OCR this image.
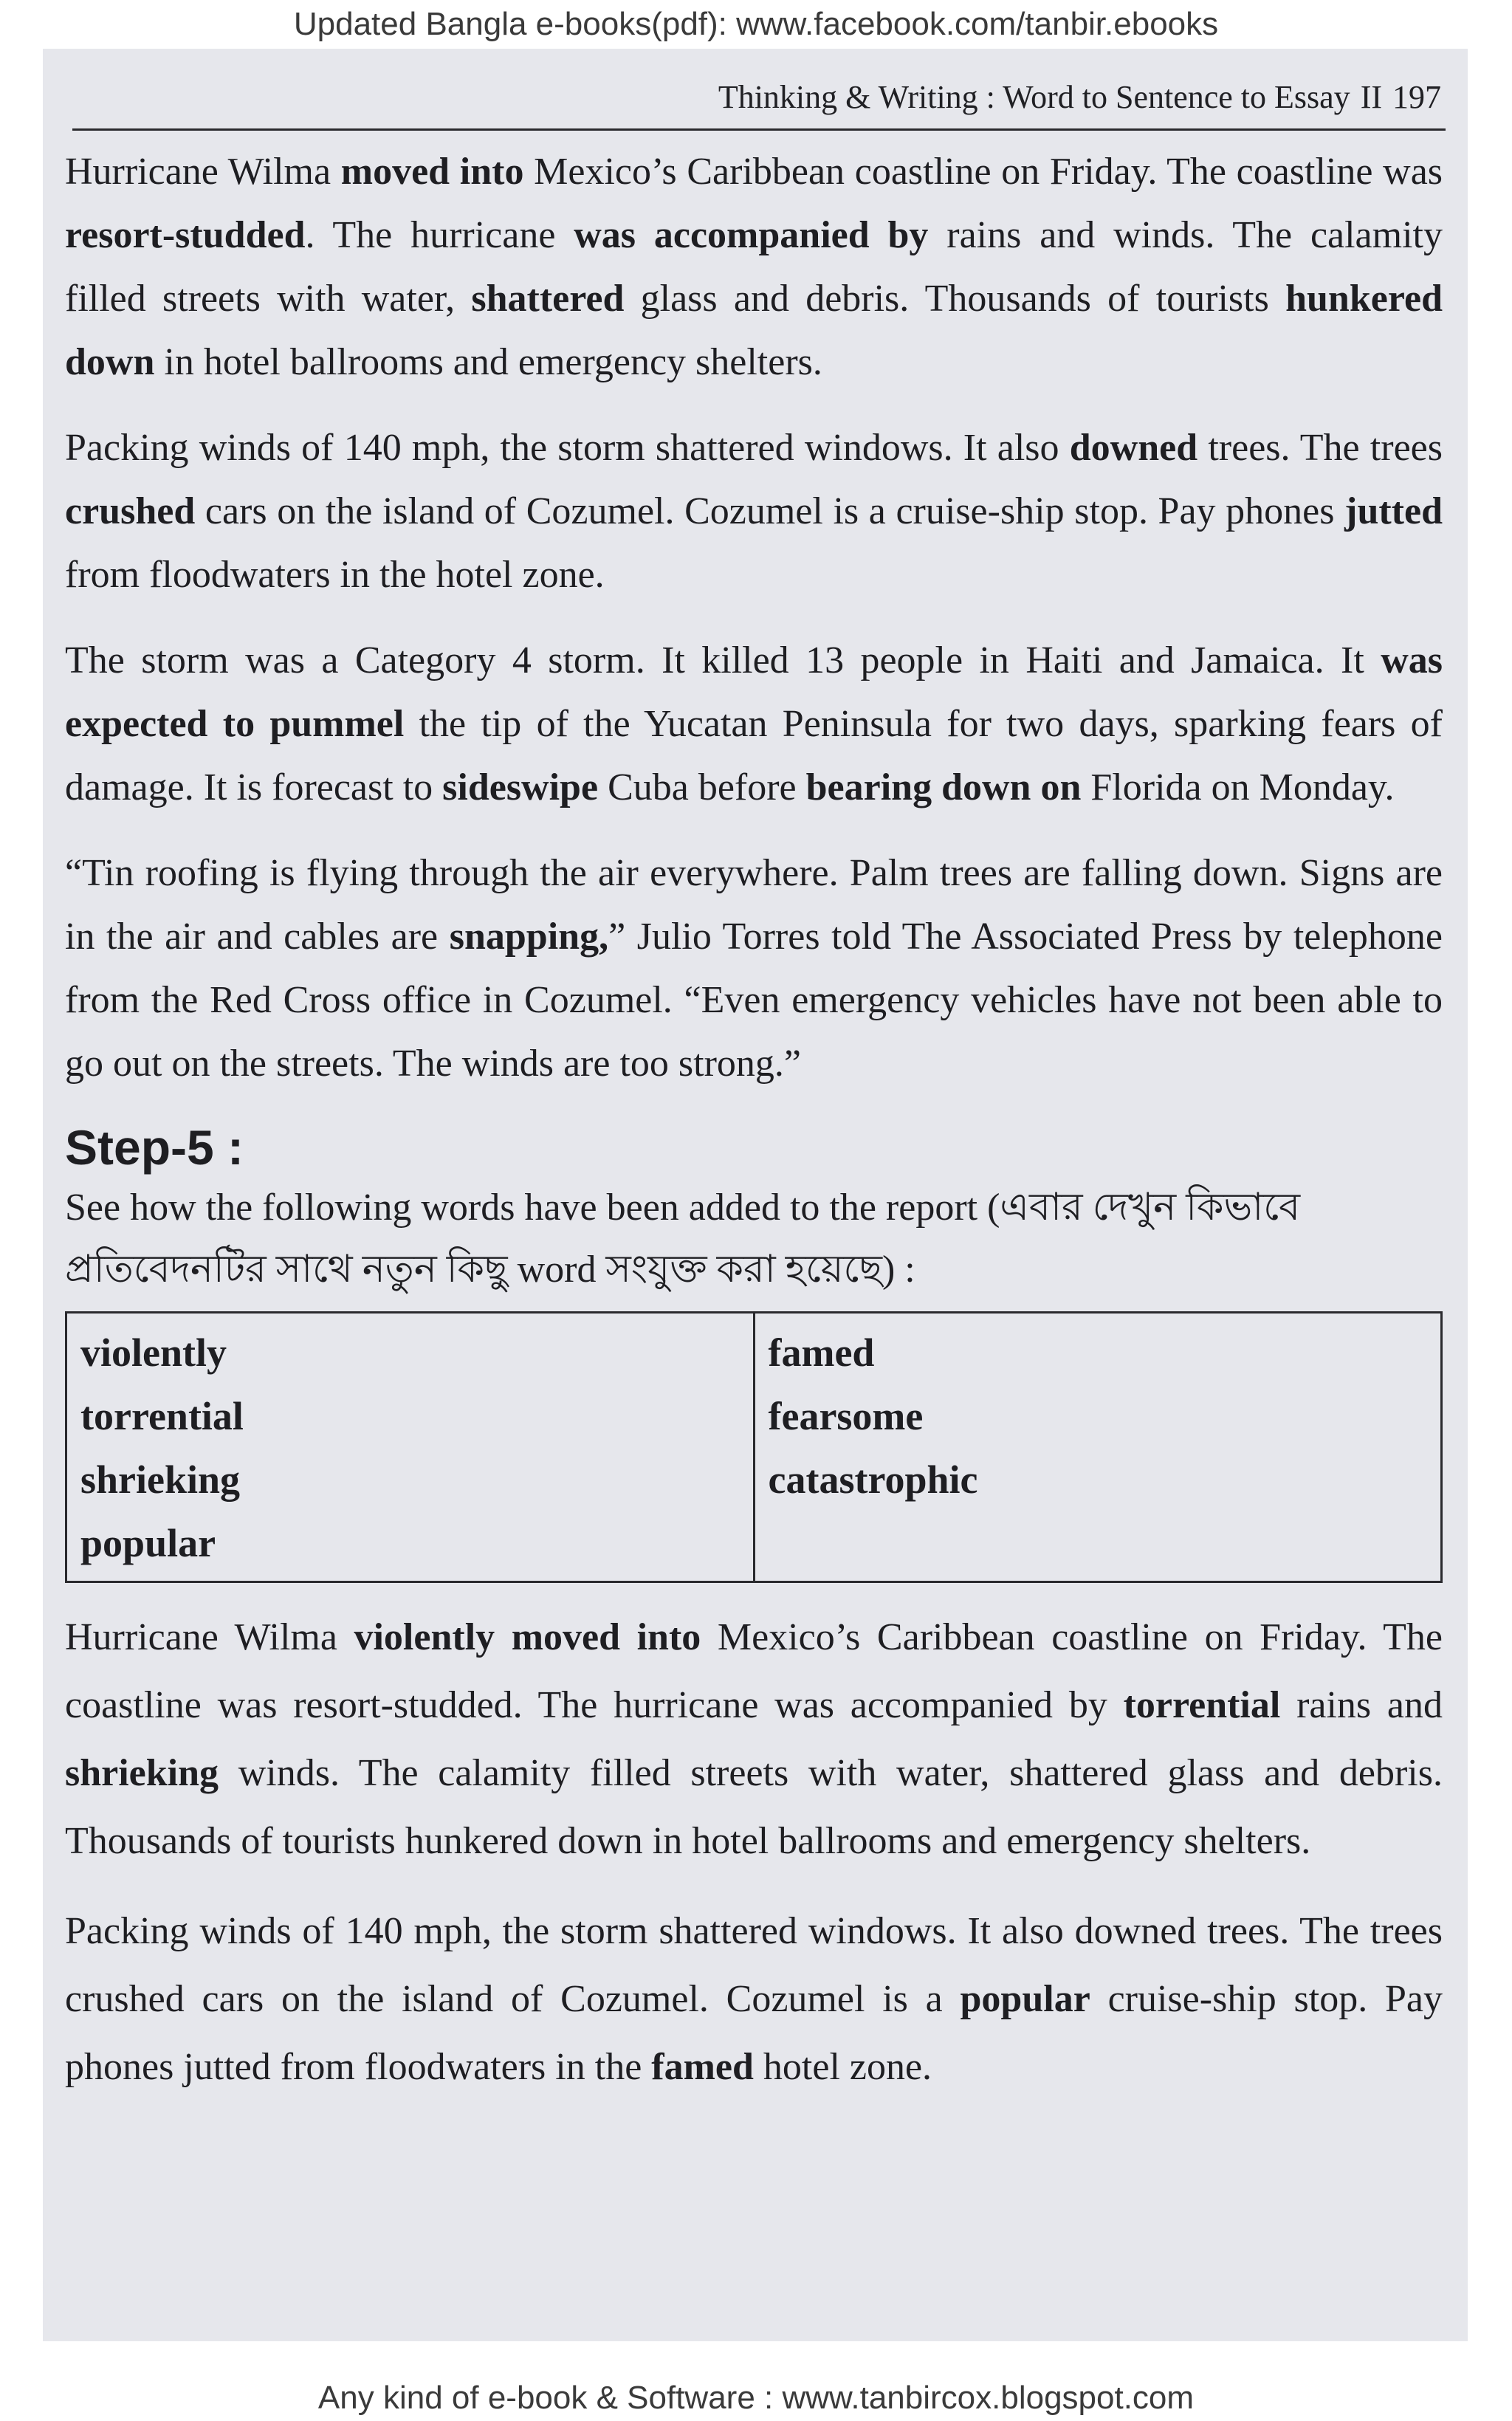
Updated Bangla e-books(pdf): www.facebook.com/tanbir.ebooks
Thinking & Writing : Word to Sentence to Essay II 197

Hurricane Wilma moved into Mexico’s Caribbean coastline on Friday. The coastline was resort-studded. The hurricane was accompanied by rains and winds. The calamity filled streets with water, shattered glass and debris. Thousands of tourists hunkered down in hotel ballrooms and emergency shelters.

Packing winds of 140 mph, the storm shattered windows. It also downed trees. The trees crushed cars on the island of Cozumel. Cozumel is a cruise-ship stop. Pay phones jutted from floodwaters in the hotel zone.

The storm was a Category 4 storm. It killed 13 people in Haiti and Jamaica. It was expected to pummel the tip of the Yucatan Peninsula for two days, sparking fears of damage. It is forecast to sideswipe Cuba before bearing down on Florida on Monday.

“Tin roofing is flying through the air everywhere. Palm trees are falling down. Signs are in the air and cables are snapping,” Julio Torres told The Associated Press by telephone from the Red Cross office in Cozumel. “Even emergency vehicles have not been able to go out on the streets. The winds are too strong.”

Step-5 :

See how the following words have been added to the report (এবার দেখুন কিভাবে প্রতিবেদনটির সাথে নতুন কিছু word সংযুক্ত করা হয়েছে) :

violently
torrential
shrieking
popular

famed
fearsome
catastrophic

Hurricane Wilma violently moved into Mexico’s Caribbean coastline on Friday. The coastline was resort-studded. The hurricane was accompanied by torrential rains and shrieking winds. The calamity filled streets with water, shattered glass and debris. Thousands of tourists hunkered down in hotel ballrooms and emergency shelters.

Packing winds of 140 mph, the storm shattered windows. It also downed trees. The trees crushed cars on the island of Cozumel. Cozumel is a popular cruise-ship stop. Pay phones jutted from floodwaters in the famed hotel zone.

Any kind of e-book & Software : www.tanbircox.blogspot.com
